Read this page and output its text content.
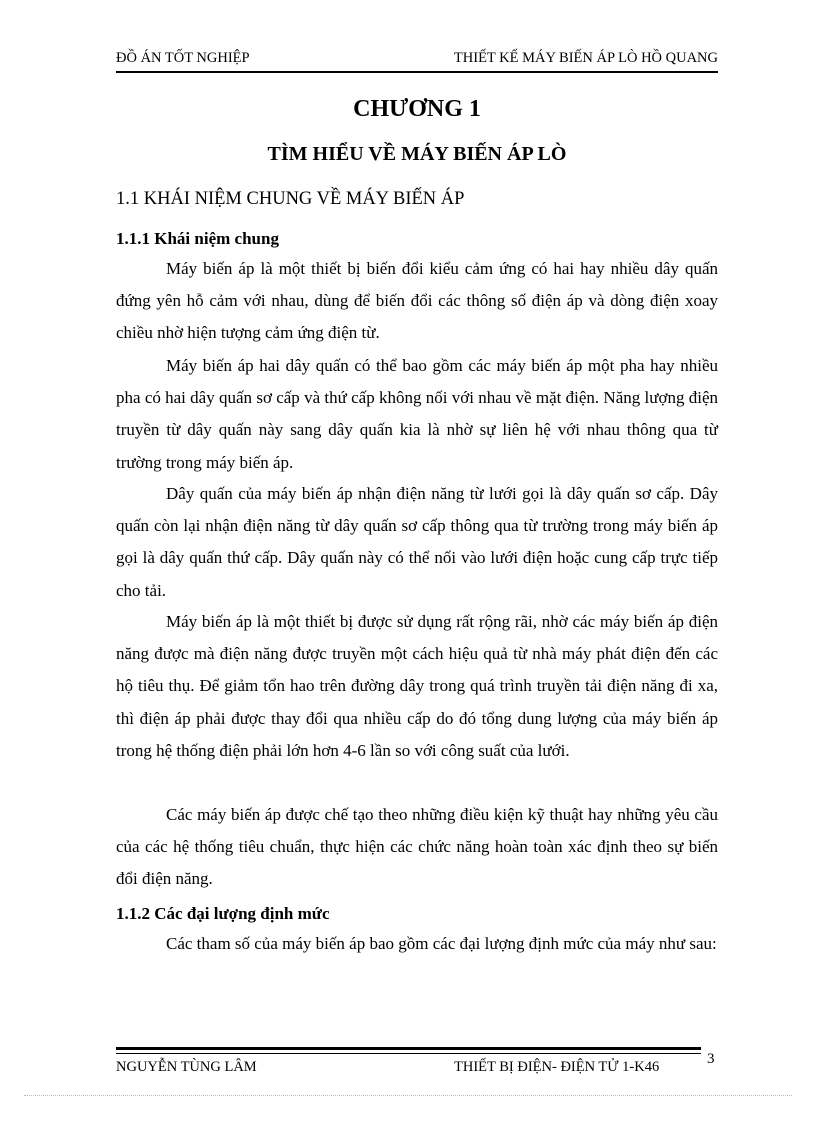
ĐỒ ÁN TỐT NGHIỆP	THIẾT KẾ MÁY BIẾN ÁP LÒ HỒ QUANG
CHƯƠNG 1
TÌM HIỂU VỀ MÁY BIẾN ÁP LÒ
1.1 KHÁI NIỆM CHUNG VỀ MÁY BIẾN ÁP
1.1.1 Khái niệm chung

Máy biến áp là một thiết bị biến đổi kiểu cảm ứng có hai hay nhiều dây quấn đứng yên hỗ cảm với nhau, dùng để biến đổi các thông số điện áp và dòng điện xoay chiều nhờ hiện tượng cảm ứng điện từ.

Máy biến áp hai dây quấn có thể bao gồm các máy biến áp một pha hay nhiều pha có hai dây quấn sơ cấp và thứ cấp không nối với nhau về mặt điện. Năng lượng điện truyền từ dây quấn này sang dây quấn kia là nhờ sự liên hệ với nhau thông qua từ trường trong máy biến áp.

Dây quấn của máy biến áp nhận điện năng từ lưới gọi là dây quấn sơ cấp. Dây quấn còn lại nhận điện năng từ dây quấn sơ cấp thông qua từ trường trong máy biến áp gọi là dây quấn thứ cấp. Dây quấn này có thể nối vào lưới điện hoặc cung cấp trực tiếp cho tải.

Máy biến áp là một thiết bị được sử dụng rất rộng rãi, nhờ các máy biến áp điện năng được mà điện năng được truyền một cách hiệu quả từ nhà máy phát điện đến các hộ tiêu thụ. Để giảm tổn hao trên đường dây trong quá trình truyền tải điện năng đi xa, thì điện áp phải được thay đổi qua nhiều cấp do đó tổng dung lượng của máy biến áp trong hệ thống điện phải lớn hơn 4-6 lần so với công suất của lưới.

Các máy biến áp được chế tạo theo những điều kiện kỹ thuật hay những yêu cầu của các hệ thống tiêu chuẩn, thực hiện các chức năng hoàn toàn xác định theo sự biến đổi điện năng.

1.1.2 Các đại lượng định mức

Các tham số của máy biến áp bao gồm các đại lượng định mức của máy như sau:

NGUYỄN TÙNG LÂM	THIẾT BỊ ĐIỆN- ĐIỆN TỬ 1-K46	3
